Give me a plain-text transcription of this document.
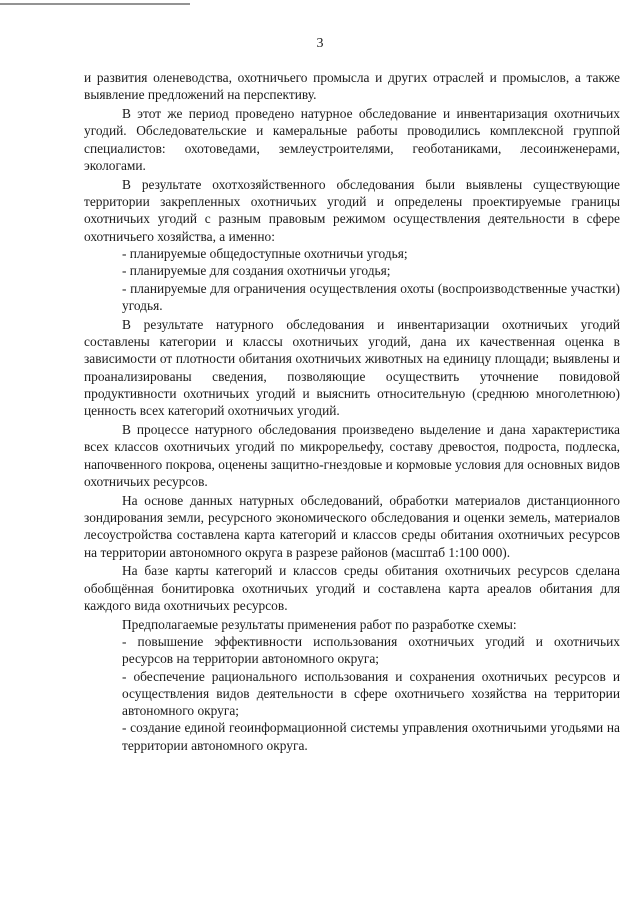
3

и развития оленеводства, охотничьего промысла и других отраслей и промыслов, а также выявление предложений на перспективу.

В этот же период проведено натурное обследование и инвентаризация охотничьих угодий. Обследовательские и камеральные работы проводились комплексной группой специалистов: охотоведами, землеустроителями, геоботаниками, лесоинженерами, экологами.

В результате охотхозяйственного обследования были выявлены существующие территории закрепленных охотничьих угодий и определены проектируемые границы охотничьих угодий с разным правовым режимом осуществления деятельности в сфере охотничьего хозяйства, а именно:

- планируемые общедоступные охотничьи угодья;

- планируемые для создания охотничьи угодья;

- планируемые для ограничения осуществления охоты (воспроизводственные участки) угодья.

В результате натурного обследования и инвентаризации охотничьих угодий составлены категории и классы охотничьих угодий, дана их качественная оценка в зависимости от плотности обитания охотничьих животных на единицу площади; выявлены и проанализированы сведения, позволяющие осуществить уточнение повидовой продуктивности охотничьих угодий и выяснить относительную (среднюю многолетнюю) ценность всех категорий охотничьих угодий.

В процессе натурного обследования произведено выделение и дана характеристика всех классов охотничьих угодий по микрорельефу, составу древостоя, подроста, подлеска, напочвенного покрова, оценены защитно-гнездовые и кормовые условия для основных видов охотничьих ресурсов.

На основе данных натурных обследований, обработки материалов дистанционного зондирования земли, ресурсного экономического обследования и оценки земель, материалов лесоустройства составлена карта категорий и классов среды обитания охотничьих ресурсов на территории автономного округа в разрезе районов (масштаб 1:100 000).

На базе карты категорий и классов среды обитания охотничьих ресурсов сделана обобщённая бонитировка охотничьих угодий и составлена карта ареалов обитания для каждого вида охотничьих ресурсов.

Предполагаемые результаты применения работ по разработке схемы:

- повышение эффективности использования охотничьих угодий и охотничьих ресурсов на территории автономного округа;

- обеспечение рационального использования и сохранения охотничьих ресурсов и осуществления видов деятельности в сфере охотничьего хозяйства на территории автономного округа;

- создание единой геоинформационной системы управления охотничьими угодьями на территории автономного округа.
